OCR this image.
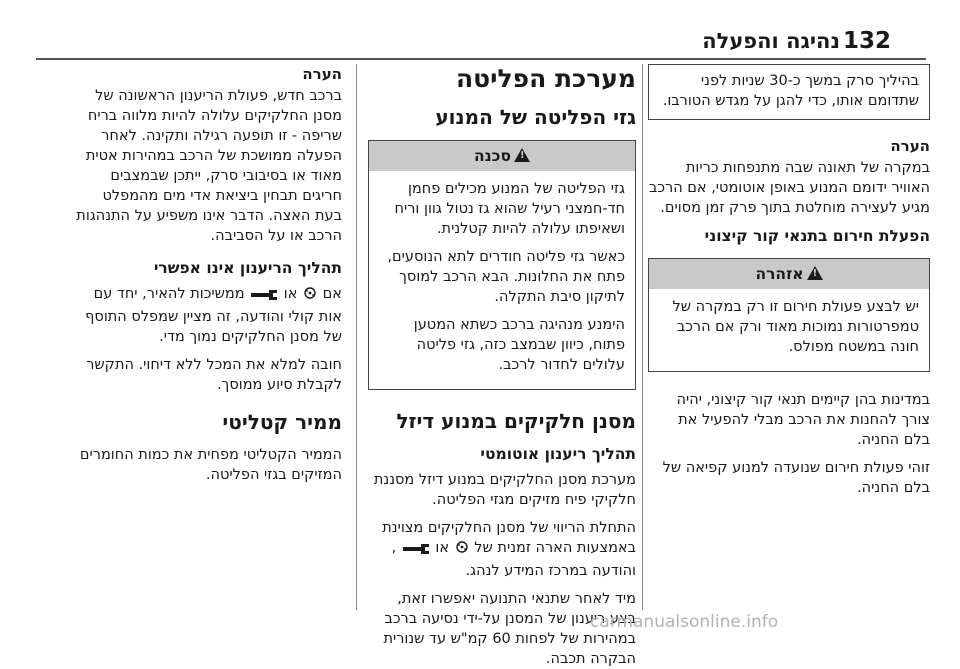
132
נהיגה והפעלה

בהיליך סרק במשך כ-30 שניות לפני שתדומם אותו, כדי להגן על מגדש הטורבו.

הערה

במקרה של תאונה שבה מתנפחות כריות האוויר ידומם המנוע באופן אוטומטי, אם הרכב מגיע לעצירה מוחלטת בתוך פרק זמן מסוים.

הפעלת חירום בתנאי קור קיצוני
!אזהרה

יש לבצע פעולת חירום זו רק במקרה של טמפרטורות נמוכות מאוד ורק אם הרכב חונה במשטח מפולס.

במדינות בהן קיימים תנאי קור קיצוני, יהיה צורך להחנות את הרכב מבלי להפעיל את בלם החניה.

זוהי פעולת חירום שנועדה למנוע קפיאה של בלם החניה.

מערכת הפליטה
גזי הפליטה של המנוע
!סכנה

גזי הפליטה של המנוע מכילים פחמן חד-חמצני רעיל שהוא גז נטול גוון וריח ושאיפתו עלולה להיות קטלנית.

כאשר גזי פליטה חודרים לתא הנוסעים, פתח את החלונות. הבא הרכב למוסך לתיקון סיבת התקלה.

הימנע מנהיגה ברכב כשתא המטען פתוח, כיוון שבמצב כזה, גזי פליטה עלולים לחדור לרכב.

מסנן חלקיקים במנוע דיזל
תהליך ריענון אוטומטי

מערכת מסנן החלקיקים במנוע דיזל מסננת חלקיקי פיח מזיקים מגזי הפליטה.

התחלת הריווי של מסנן החלקיקים מצוינת באמצעות הארה זמנית של  או  , והודעה במרכז המידע לנהג.

מיד לאחר שתנאי התנועה יאפשרו זאת, בצע ריענון של המסנן על-ידי נסיעה ברכב במהירות של לפחות 60 קמ"ש עד שנורית הבקרה תכבה.

הערה

ברכב חדש, פעולת הריענון הראשונה של מסנן החלקיקים עלולה להיות מלווה בריח שריפה - זו תופעה רגילה ותקינה. לאחר הפעלה ממושכת של הרכב במהירות אטית מאוד או בסיבובי סרק, ייתכן שבמצבים חריגים תבחין ביציאת אדי מים מהמפלט בעת האצה. הדבר אינו משפיע על התנהגות הרכב או על הסביבה.

תהליך הריענון אינו אפשרי

אם  או  ממשיכות להאיר, יחד עם אות קולי והודעה, זה מציין שמפלס התוסף של מסנן החלקיקים נמוך מדי.

חובה למלא את המכל ללא דיחוי. התקשר לקבלת סיוע ממוסך.

ממיר קטליטי

הממיר הקטליטי מפחית את כמות החומרים המזיקים בגזי הפליטה.

carmanualsonline.info
